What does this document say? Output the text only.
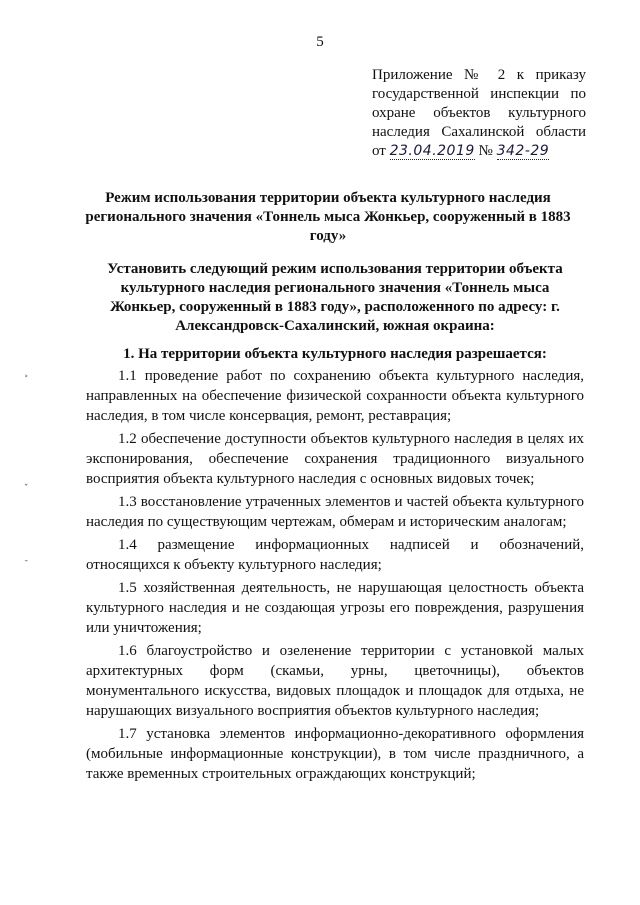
5
Приложение № 2 к приказу
государственной инспекции по
охране объектов культурного
наследия Сахалинской области
от 23.04.2019 № 342-29
Режим использования территории объекта культурного наследия регионального значения «Тоннель мыса Жонкьер, сооруженный в 1883 году»
Установить следующий режим использования территории объекта культурного наследия регионального значения «Тоннель мыса Жонкьер, сооруженный в 1883 году», расположенного по адресу: г. Александровск-Сахалинский, южная окраина:
1. На территории объекта культурного наследия разрешается:

1.1 проведение работ по сохранению объекта культурного наследия, направленных на обеспечение физической сохранности объекта культурного наследия, в том числе консервация, ремонт, реставрация;

1.2 обеспечение доступности объектов культурного наследия в целях их экспонирования, обеспечение сохранения традиционного визуального восприятия объекта культурного наследия с основных видовых точек;

1.3 восстановление утраченных элементов и частей объекта культурного наследия по существующим чертежам, обмерам и историческим аналогам;

1.4 размещение информационных надписей и обозначений, относящихся к объекту культурного наследия;

1.5 хозяйственная деятельность, не нарушающая целостность объекта культурного наследия и не создающая угрозы его повреждения, разрушения или уничтожения;

1.6 благоустройство и озеленение территории с установкой малых архитектурных форм (скамьи, урны, цветочницы), объектов монументального искусства, видовых площадок и площадок для отдыха, не нарушающих визуального восприятия объектов культурного наследия;

1.7 установка элементов информационно-декоративного оформления (мобильные информационные конструкции), в том числе праздничного, а также временных строительных ограждающих конструкций;

˃
ˇ
ˉ
